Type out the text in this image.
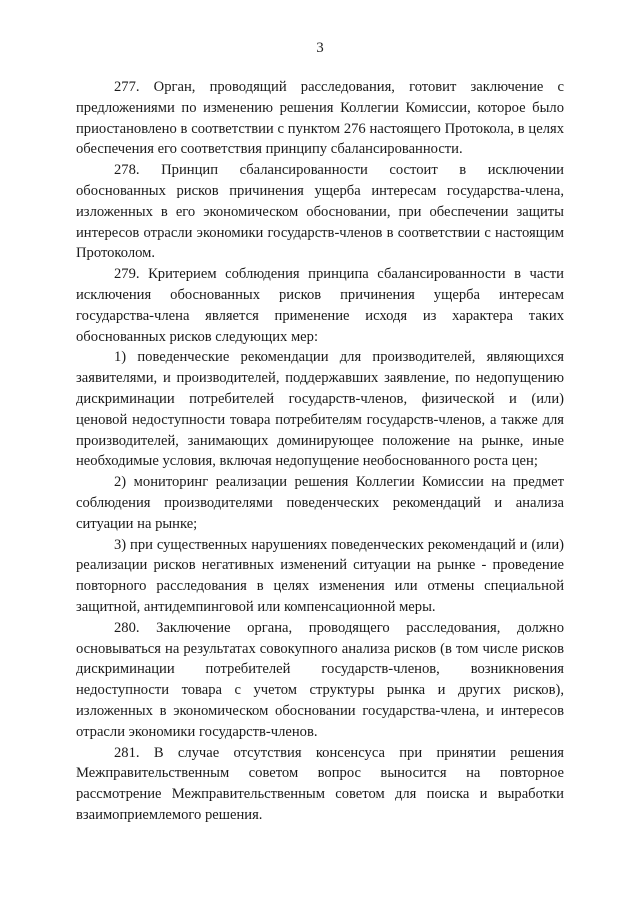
3

277. Орган, проводящий расследования, готовит заключение с предложениями по изменению решения Коллегии Комиссии, которое было приостановлено в соответствии с пунктом 276 настоящего Протокола, в целях обеспечения его соответствия принципу сбалансированности.

278. Принцип сбалансированности состоит в исключении обоснованных рисков причинения ущерба интересам государства-члена, изложенных в его экономическом обосновании, при обеспечении защиты интересов отрасли экономики государств-членов в соответствии с настоящим Протоколом.

279. Критерием соблюдения принципа сбалансированности в части исключения обоснованных рисков причинения ущерба интересам государства-члена является применение исходя из характера таких обоснованных рисков следующих мер:

1) поведенческие рекомендации для производителей, являющихся заявителями, и производителей, поддержавших заявление, по недопущению дискриминации потребителей государств-членов, физической и (или) ценовой недоступности товара потребителям государств-членов, а также для производителей, занимающих доминирующее положение на рынке, иные необходимые условия, включая недопущение необоснованного роста цен;

2) мониторинг реализации решения Коллегии Комиссии на предмет соблюдения производителями поведенческих рекомендаций и анализа ситуации на рынке;

3) при существенных нарушениях поведенческих рекомендаций и (или) реализации рисков негативных изменений ситуации на рынке - проведение повторного расследования в целях изменения или отмены специальной защитной, антидемпинговой или компенсационной меры.

280. Заключение органа, проводящего расследования, должно основываться на результатах совокупного анализа рисков (в том числе рисков дискриминации потребителей государств-членов, возникновения недоступности товара с учетом структуры рынка и других рисков), изложенных в экономическом обосновании государства-члена, и интересов отрасли экономики государств-членов.

281. В случае отсутствия консенсуса при принятии решения Межправительственным советом вопрос выносится на повторное рассмотрение Межправительственным советом для поиска и выработки взаимоприемлемого решения.
